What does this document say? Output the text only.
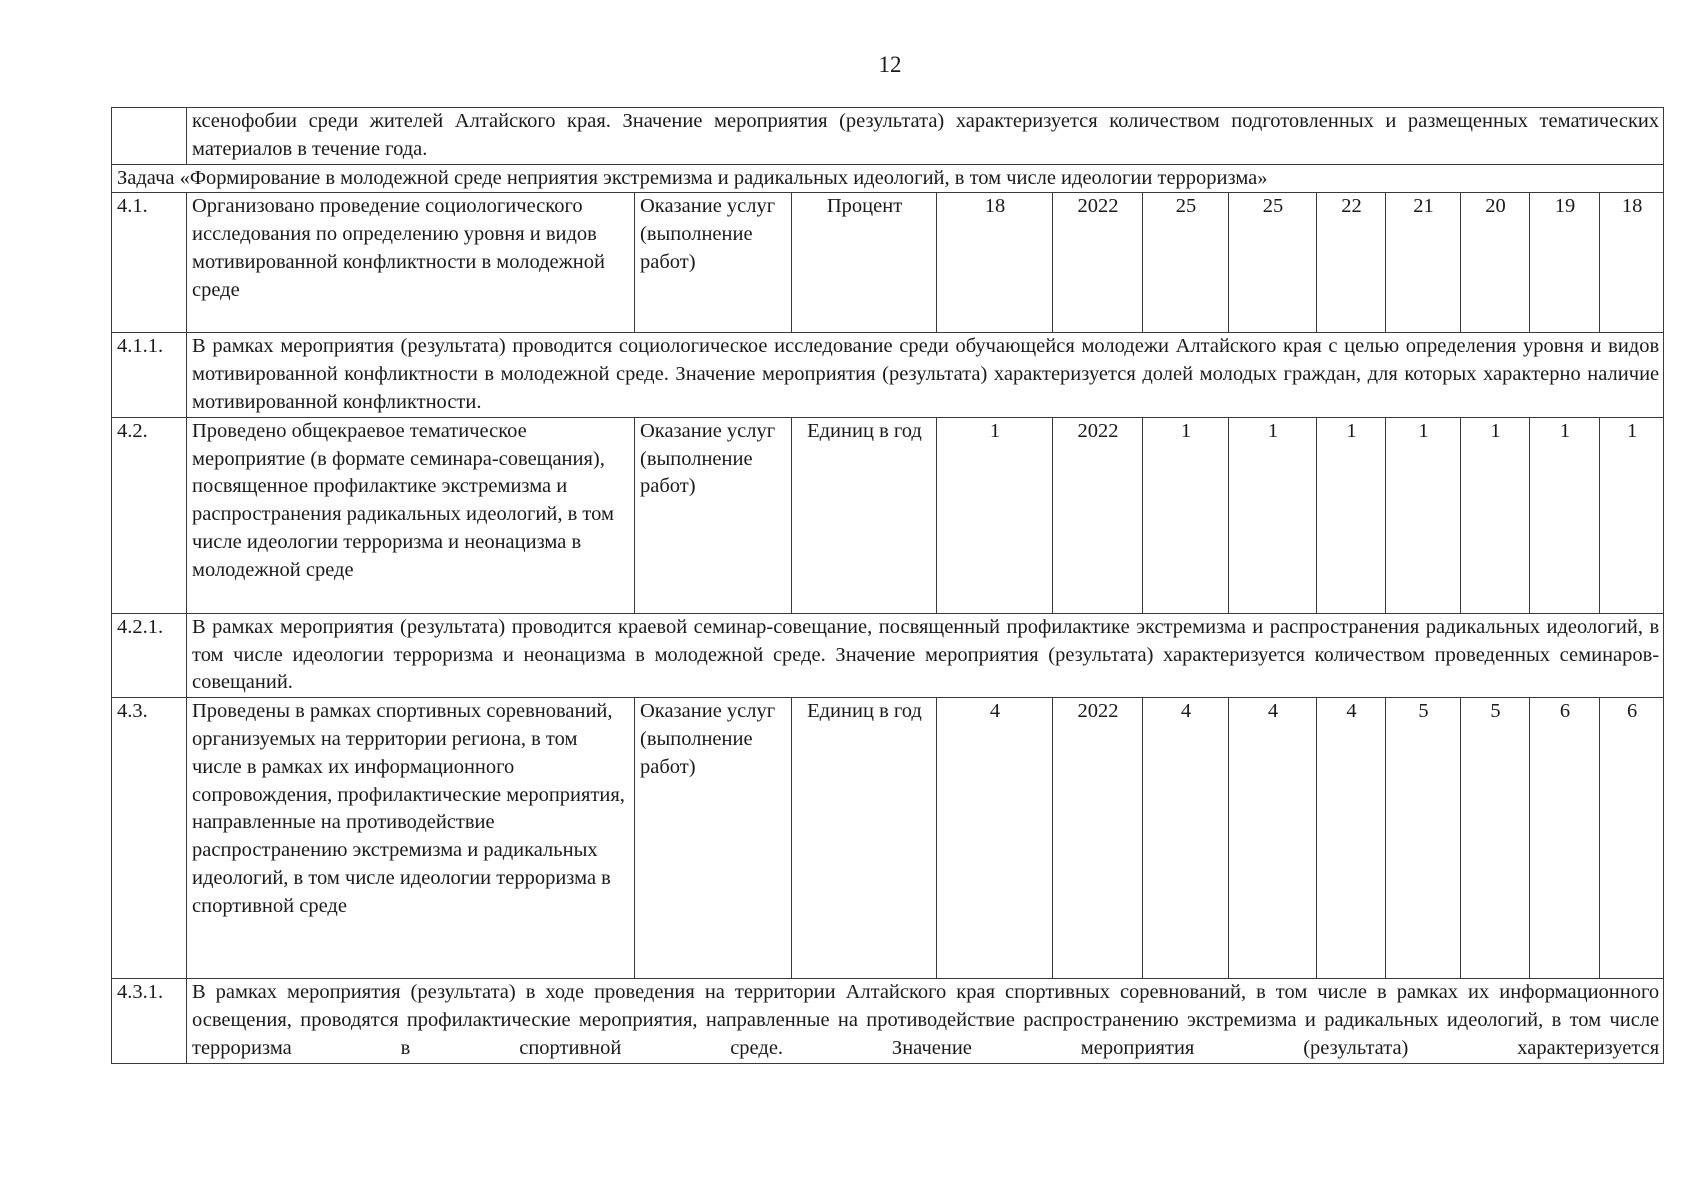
12
	ксенофобии среди жителей Алтайского края. Значение мероприятия (результата) характеризуется количеством подготовленных и размещенных тематических материалов в течение года.											
Задача «Формирование в молодежной среде неприятия экстремизма и радикальных идеологий, в том числе идеологии терроризма»												
4.1.	Организовано проведение социологического исследования по определению уровня и видов мотивированной конфликтности в молодежной среде	Оказание услуг (выполнение работ)	Процент	18	2022	25	25	22	21	20	19	18
4.1.1.	В рамках мероприятия (результата) проводится социологическое исследование среди обучающейся молодежи Алтайского края с целью определения уровня и видов мотивированной конфликтности в молодежной среде. Значение мероприятия (результата) характеризуется долей молодых граждан, для которых характерно наличие мотивированной конфликтности.											
4.2.	Проведено общекраевое тематическое мероприятие (в формате семинара-совещания), посвященное профилактике экстремизма и распространения радикальных идеологий, в том числе идеологии терроризма и неонацизма в молодежной среде	Оказание услуг (выполнение работ)	Единиц в год	1	2022	1	1	1	1	1	1	1
4.2.1.	В рамках мероприятия (результата) проводится краевой семинар-совещание, посвященный профилактике экстремизма и распространения радикальных идеологий, в том числе идеологии терроризма и неонацизма в молодежной среде. Значение мероприятия (результата) характеризуется количеством проведенных семинаров-совещаний.											
4.3.	Проведены в рамках спортивных соревнований, организуемых на территории региона, в том числе в рамках их информационного сопровождения, профилактические мероприятия, направленные на противодействие распространению экстремизма и радикальных идеологий, в том числе идеологии терроризма в спортивной среде	Оказание услуг (выполнение работ)	Единиц в год	4	2022	4	4	4	5	5	6	6
4.3.1.	В рамках мероприятия (результата) в ходе проведения на территории Алтайского края спортивных соревнований, в том числе в рамках их информационного освещения, проводятся профилактические мероприятия, направленные на противодействие распространению экстремизма и радикальных идеологий, в том числе терроризма в спортивной среде. Значение мероприятия (результата) характеризуется											
